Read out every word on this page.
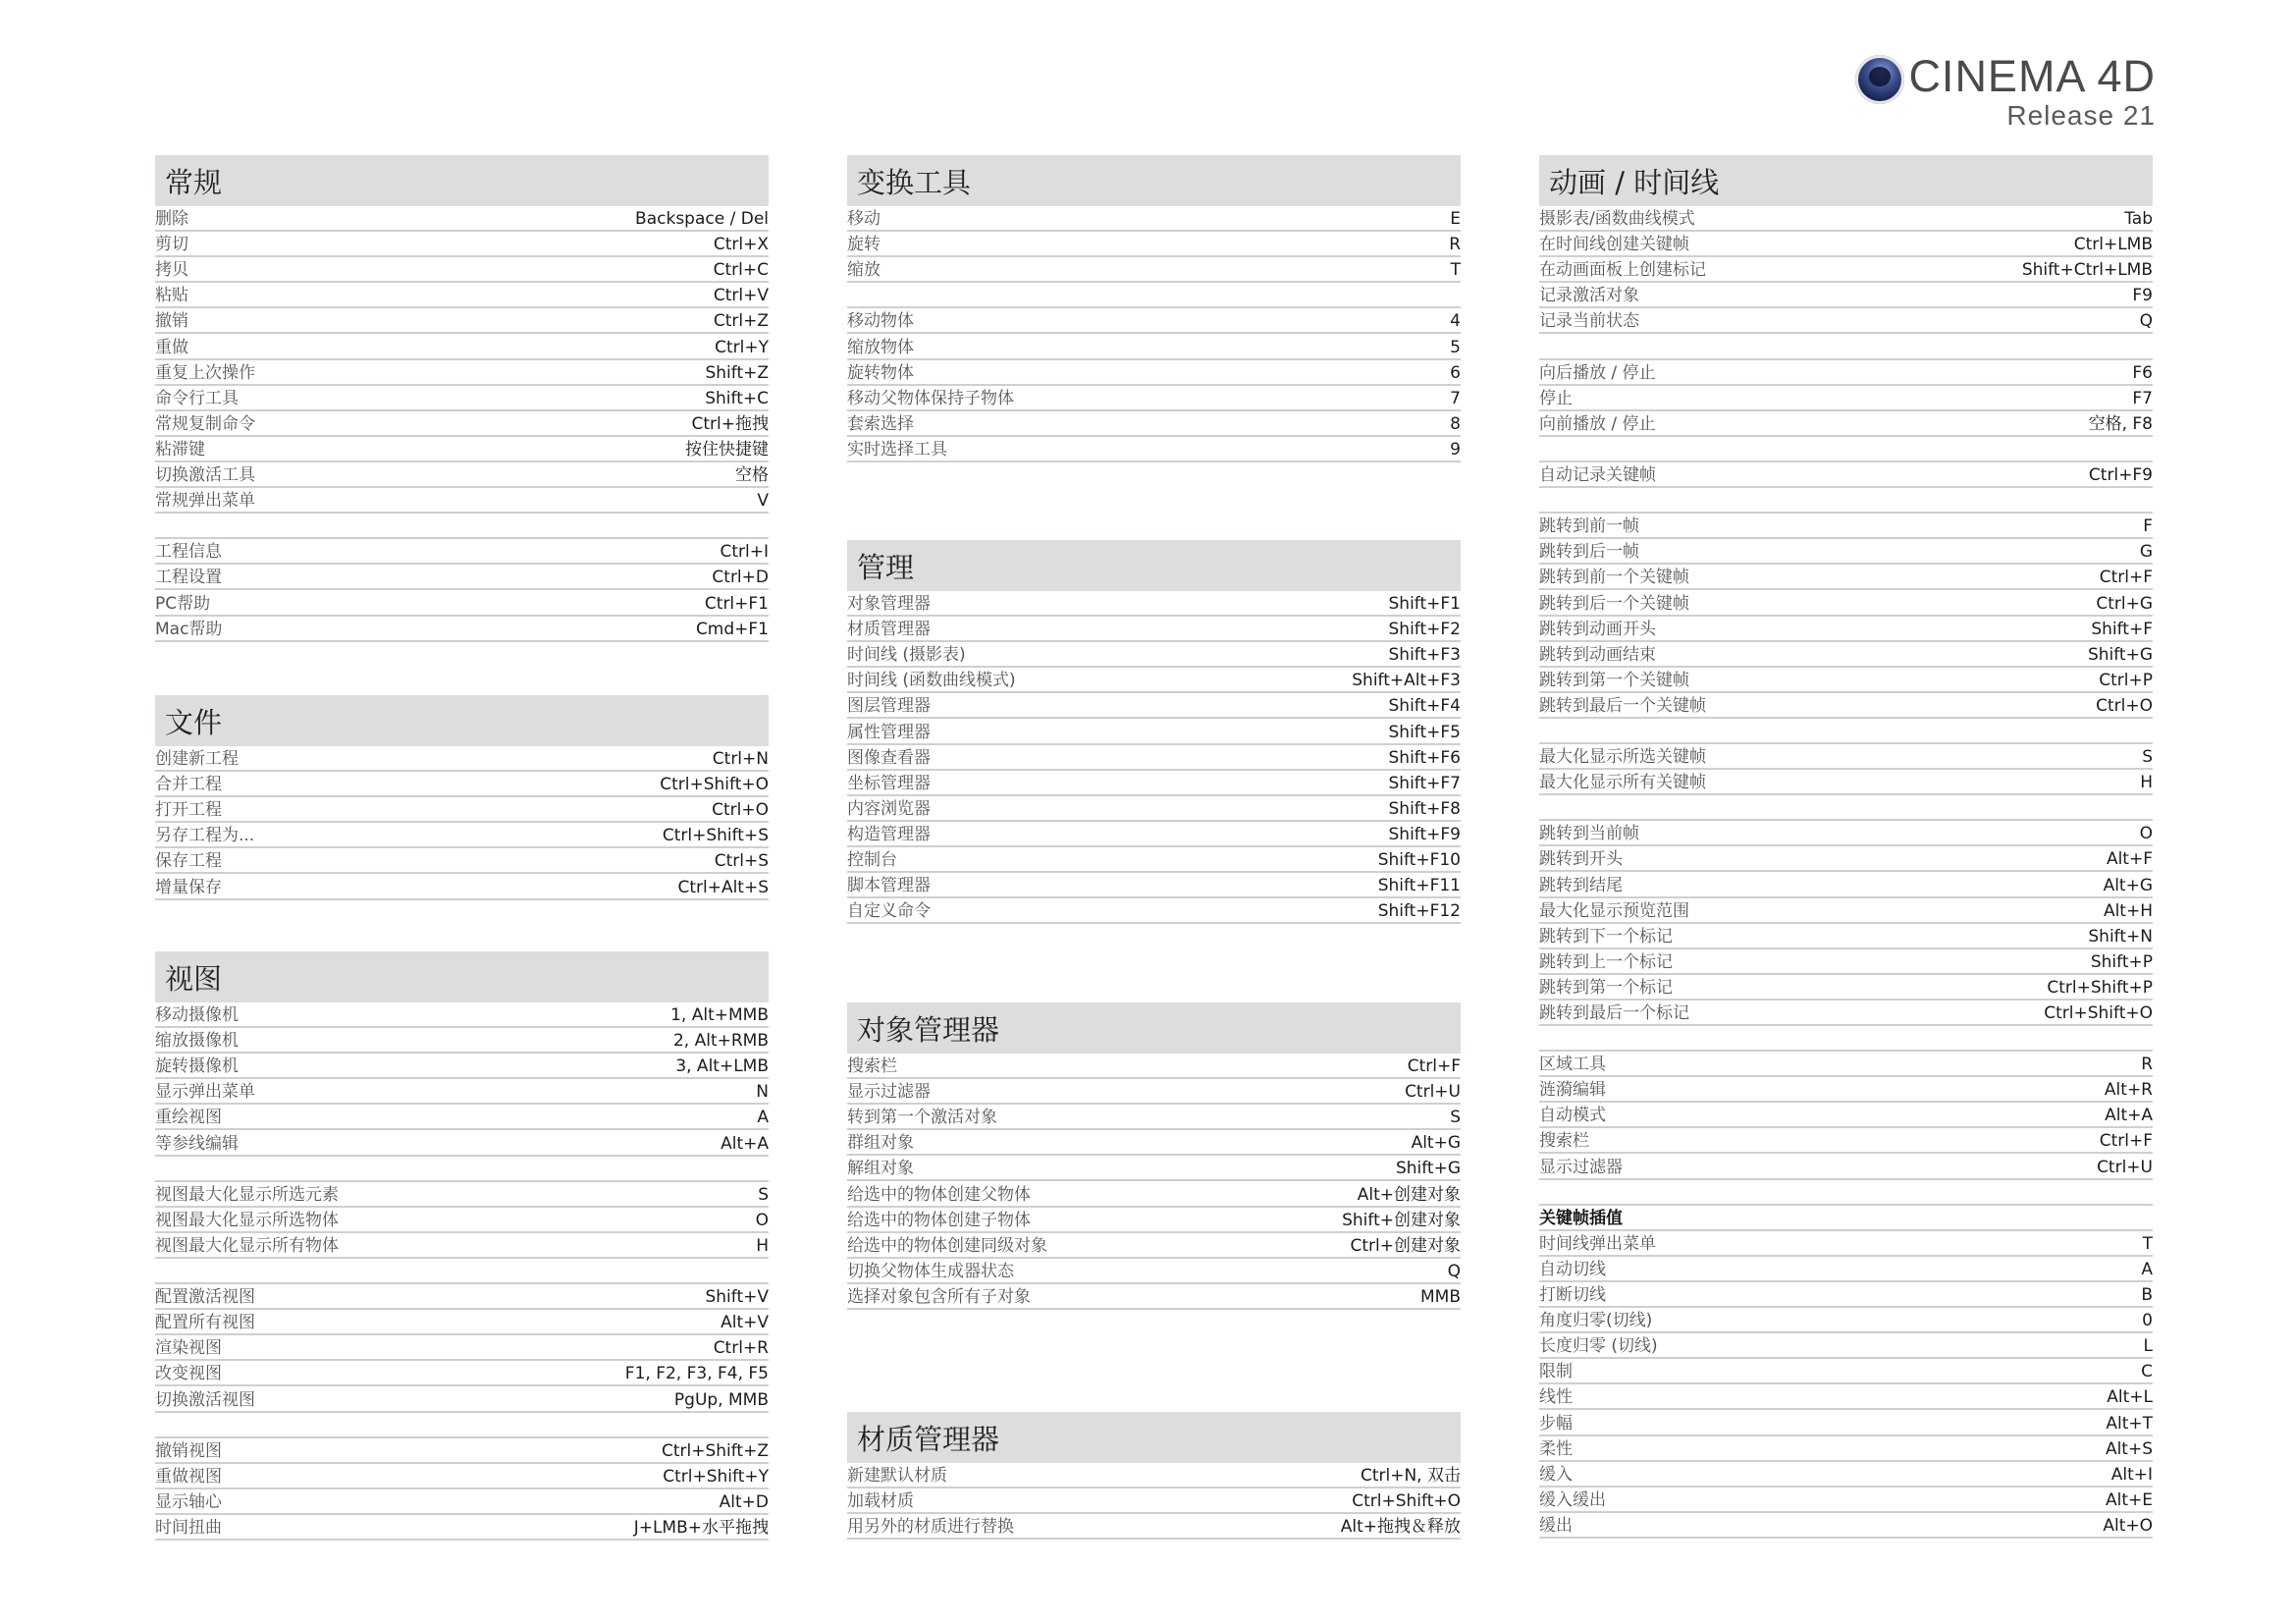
CINEMA 4D
Release 21
常规
删除	Backspace / Del
剪切	Ctrl+X
拷贝	Ctrl+C
粘贴	Ctrl+V
撤销	Ctrl+Z
重做	Ctrl+Y
重复上次操作	Shift+Z
命令行工具	Shift+C
常规复制命令	Ctrl+拖拽
粘滞键	按住快捷键
切换激活工具	空格
常规弹出菜单	V
工程信息	Ctrl+I
工程设置	Ctrl+D
PC帮助	Ctrl+F1
Mac帮助	Cmd+F1
文件
创建新工程	Ctrl+N
合并工程	Ctrl+Shift+O
打开工程	Ctrl+O
另存工程为...	Ctrl+Shift+S
保存工程	Ctrl+S
增量保存	Ctrl+Alt+S
视图
移动摄像机	1, Alt+MMB
缩放摄像机	2, Alt+RMB
旋转摄像机	3, Alt+LMB
显示弹出菜单	N
重绘视图	A
等参线编辑	Alt+A
视图最大化显示所选元素	S
视图最大化显示所选物体	O
视图最大化显示所有物体	H
配置激活视图	Shift+V
配置所有视图	Alt+V
渲染视图	Ctrl+R
改变视图	F1, F2, F3, F4, F5
切换激活视图	PgUp, MMB
撤销视图	Ctrl+Shift+Z
重做视图	Ctrl+Shift+Y
显示轴心	Alt+D
时间扭曲	J+LMB+水平拖拽
变换工具
移动	E
旋转	R
缩放	T
移动物体	4
缩放物体	5
旋转物体	6
移动父物体保持子物体	7
套索选择	8
实时选择工具	9
管理
对象管理器	Shift+F1
材质管理器	Shift+F2
时间线 (摄影表)	Shift+F3
时间线 (函数曲线模式)	Shift+Alt+F3
图层管理器	Shift+F4
属性管理器	Shift+F5
图像查看器	Shift+F6
坐标管理器	Shift+F7
内容浏览器	Shift+F8
构造管理器	Shift+F9
控制台	Shift+F10
脚本管理器	Shift+F11
自定义命令	Shift+F12
对象管理器
搜索栏	Ctrl+F
显示过滤器	Ctrl+U
转到第一个激活对象	S
群组对象	Alt+G
解组对象	Shift+G
给选中的物体创建父物体	Alt+创建对象
给选中的物体创建子物体	Shift+创建对象
给选中的物体创建同级对象	Ctrl+创建对象
切换父物体生成器状态	Q
选择对象包含所有子对象	MMB
材质管理器
新建默认材质	Ctrl+N, 双击
加载材质	Ctrl+Shift+O
用另外的材质进行替换	Alt+拖拽＆释放
动画 / 时间线
摄影表/函数曲线模式	Tab
在时间线创建关键帧	Ctrl+LMB
在动画面板上创建标记	Shift+Ctrl+LMB
记录激活对象	F9
记录当前状态	Q
向后播放 / 停止	F6
停止	F7
向前播放 / 停止	空格, F8
自动记录关键帧	Ctrl+F9
跳转到前一帧	F
跳转到后一帧	G
跳转到前一个关键帧	Ctrl+F
跳转到后一个关键帧	Ctrl+G
跳转到动画开头	Shift+F
跳转到动画结束	Shift+G
跳转到第一个关键帧	Ctrl+P
跳转到最后一个关键帧	Ctrl+O
最大化显示所选关键帧	S
最大化显示所有关键帧	H
跳转到当前帧	O
跳转到开头	Alt+F
跳转到结尾	Alt+G
最大化显示预览范围	Alt+H
跳转到下一个标记	Shift+N
跳转到上一个标记	Shift+P
跳转到第一个标记	Ctrl+Shift+P
跳转到最后一个标记	Ctrl+Shift+O
区域工具	R
涟漪编辑	Alt+R
自动模式	Alt+A
搜索栏	Ctrl+F
显示过滤器	Ctrl+U
关键帧插值
时间线弹出菜单	T
自动切线	A
打断切线	B
角度归零(切线)	0
长度归零 (切线)	L
限制	C
线性	Alt+L
步幅	Alt+T
柔性	Alt+S
缓入	Alt+I
缓入缓出	Alt+E
缓出	Alt+O
